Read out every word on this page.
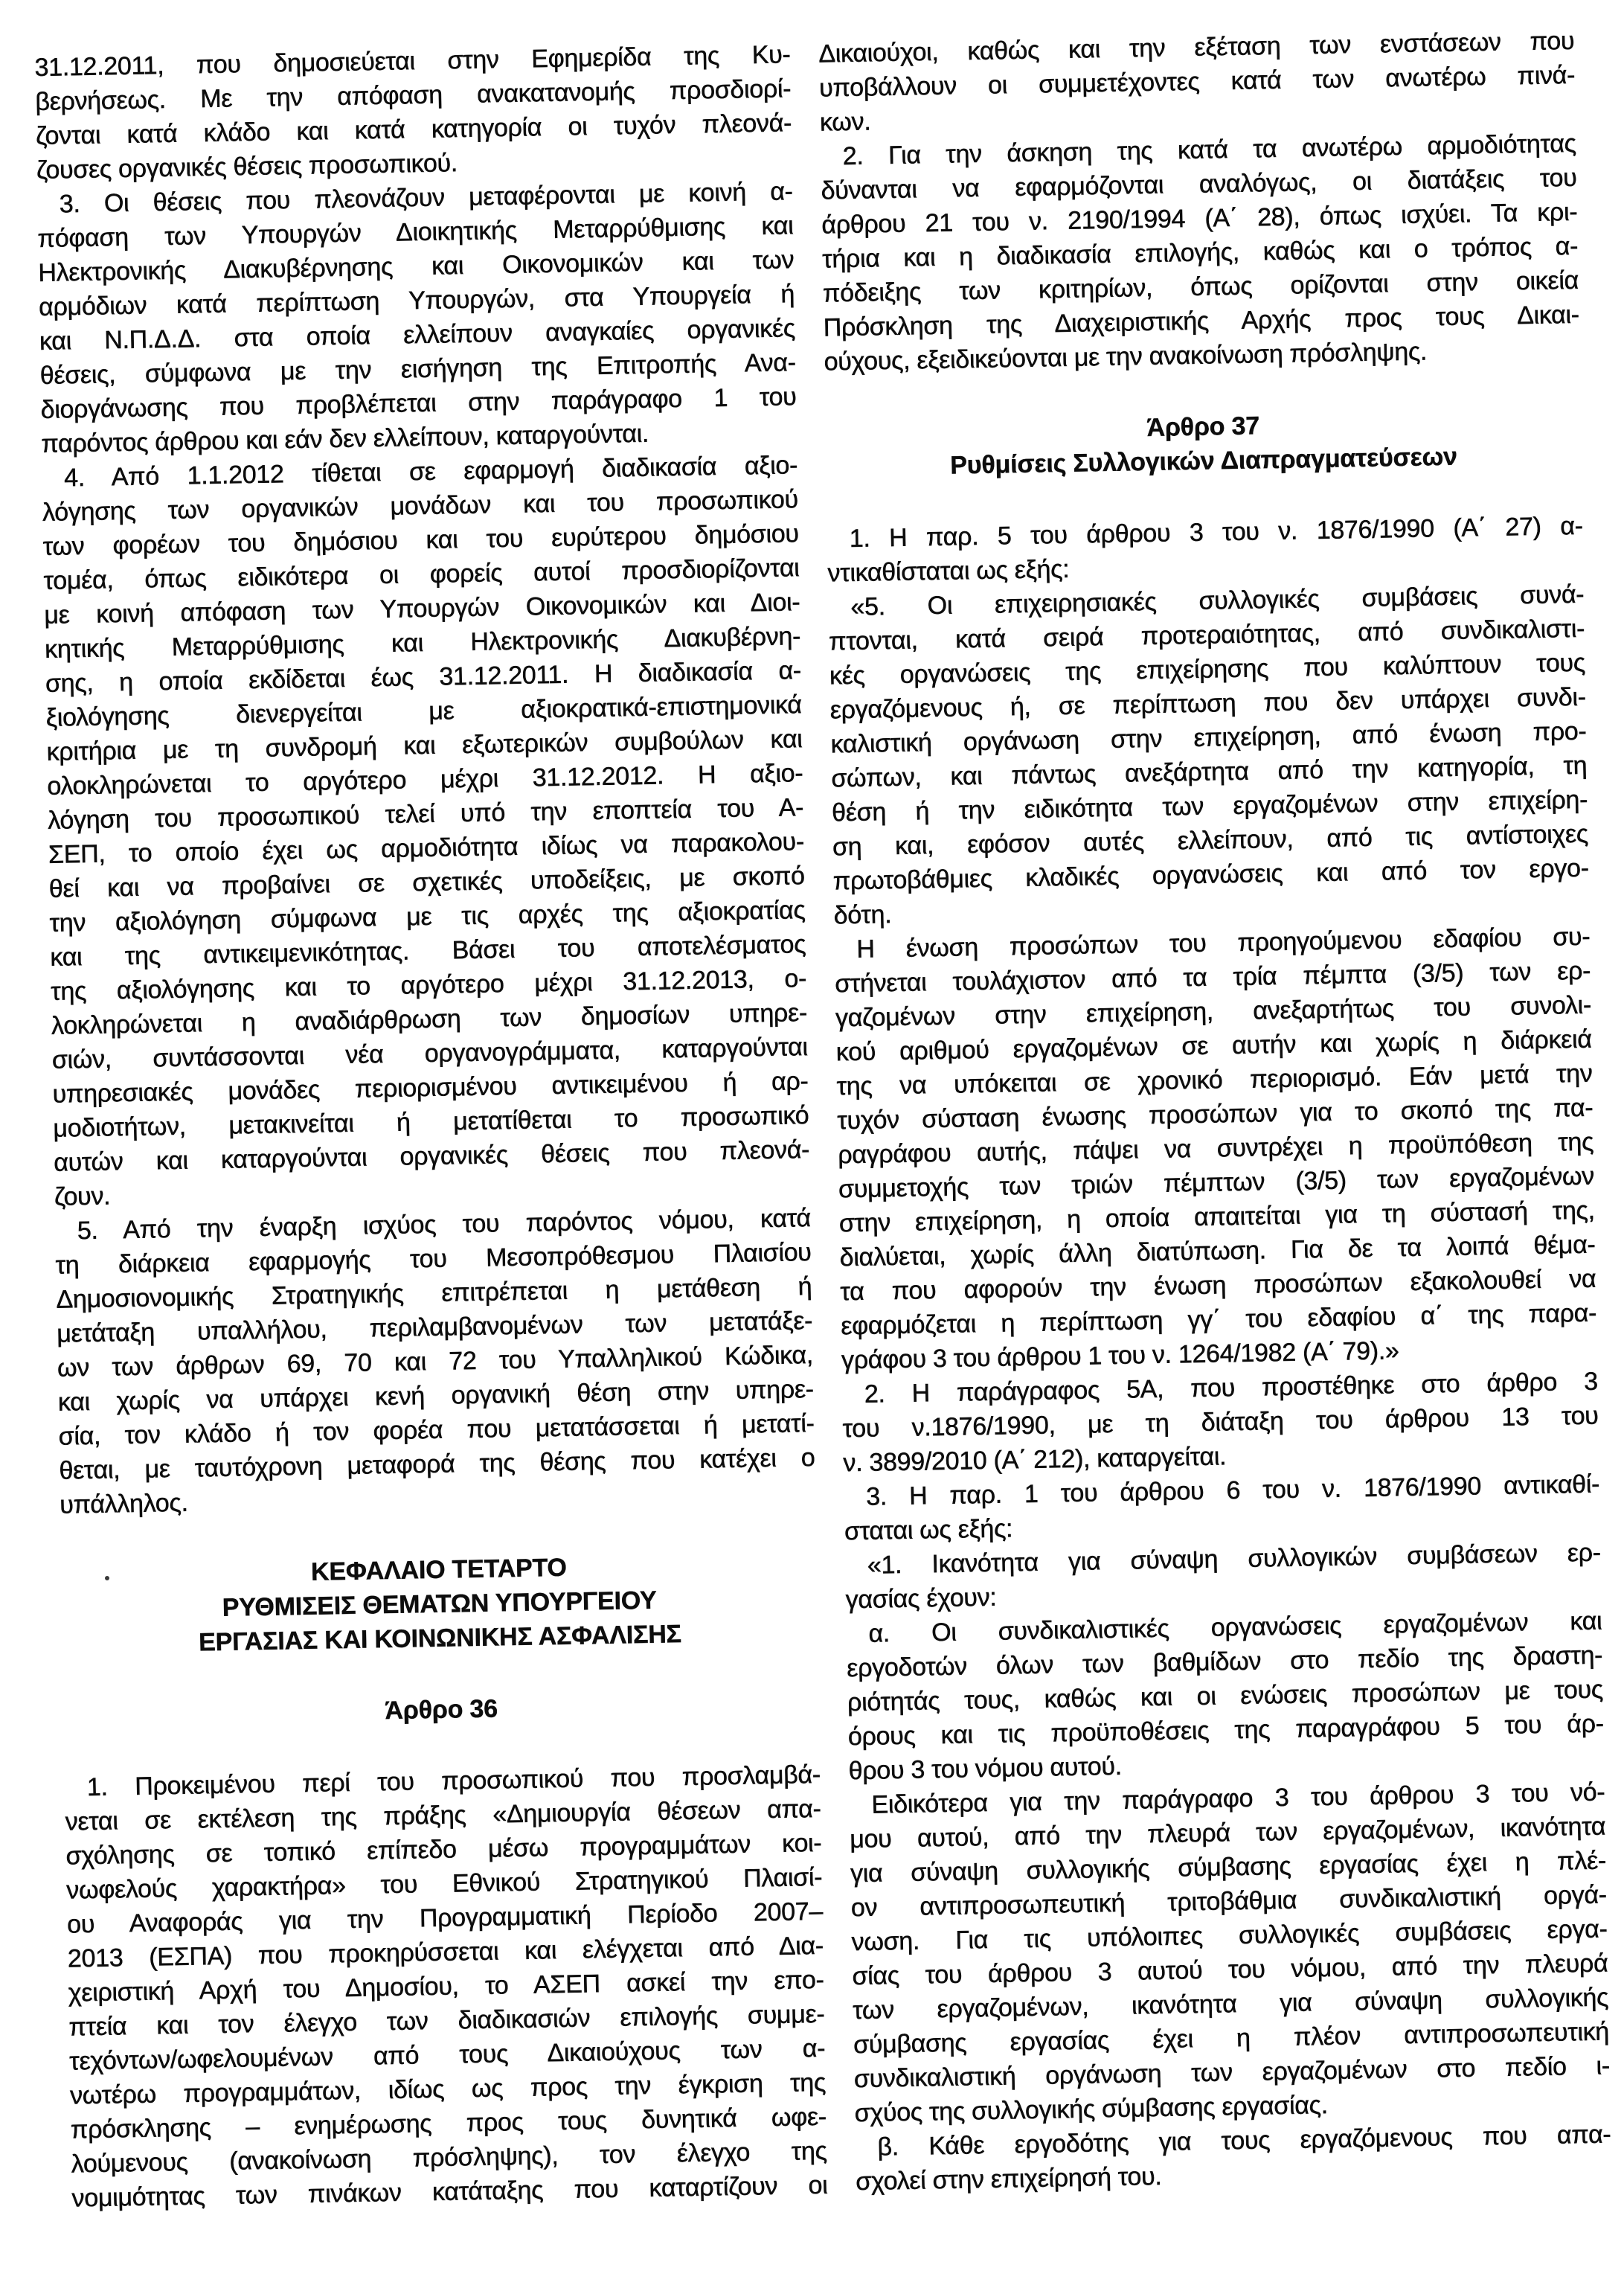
31.12.2011, που δημοσιεύεται στην Εφημερίδα της Κυ-
βερνήσεως. Με την απόφαση ανακατανομής προσδιορί-
ζονται κατά κλάδο και κατά κατηγορία οι τυχόν πλεονά-
ζουσες οργανικές θέσεις προσωπικού.
3. Οι θέσεις που πλεονάζουν μεταφέρονται με κοινή α-
πόφαση των Υπουργών Διοικητικής Μεταρρύθμισης και
Ηλεκτρονικής Διακυβέρνησης και Οικονομικών και των
αρμόδιων κατά περίπτωση Υπουργών, στα Υπουργεία ή
και Ν.Π.Δ.Δ. στα οποία ελλείπουν αναγκαίες οργανικές
θέσεις, σύμφωνα με την εισήγηση της Επιτροπής Ανα-
διοργάνωσης που προβλέπεται στην παράγραφο 1 του
παρόντος άρθρου και εάν δεν ελλείπουν, καταργούνται.
4. Από 1.1.2012 τίθεται σε εφαρμογή διαδικασία αξιο-
λόγησης των οργανικών μονάδων και του προσωπικού
των φορέων του δημόσιου και του ευρύτερου δημόσιου
τομέα, όπως ειδικότερα οι φορείς αυτοί προσδιορίζονται
με κοινή απόφαση των Υπουργών Οικονομικών και Διοι-
κητικής Μεταρρύθμισης και Ηλεκτρονικής Διακυβέρνη-
σης, η οποία εκδίδεται έως 31.12.2011. Η διαδικασία α-
ξιολόγησης διενεργείται με αξιοκρατικά-επιστημονικά
κριτήρια με τη συνδρομή και εξωτερικών συμβούλων και
ολοκληρώνεται το αργότερο μέχρι 31.12.2012. Η αξιο-
λόγηση του προσωπικού τελεί υπό την εποπτεία του Α-
ΣΕΠ, το οποίο έχει ως αρμοδιότητα ιδίως να παρακολου-
θεί και να προβαίνει σε σχετικές υποδείξεις, με σκοπό
την αξιολόγηση σύμφωνα με τις αρχές της αξιοκρατίας
και της αντικειμενικότητας. Βάσει του αποτελέσματος
της αξιολόγησης και το αργότερο μέχρι 31.12.2013, ο-
λοκληρώνεται η αναδιάρθρωση των δημοσίων υπηρε-
σιών, συντάσσονται νέα οργανογράμματα, καταργούνται
υπηρεσιακές μονάδες περιορισμένου αντικειμένου ή αρ-
μοδιοτήτων, μετακινείται ή μετατίθεται το προσωπικό
αυτών και καταργούνται οργανικές θέσεις που πλεονά-
ζουν.
5. Από την έναρξη ισχύος του παρόντος νόμου, κατά
τη διάρκεια εφαρμογής του Μεσοπρόθεσμου Πλαισίου
Δημοσιονομικής Στρατηγικής επιτρέπεται η μετάθεση ή
μετάταξη υπαλλήλου, περιλαμβανομένων των μετατάξε-
ων των άρθρων 69, 70 και 72 του Υπαλληλικού Κώδικα,
και χωρίς να υπάρχει κενή οργανική θέση στην υπηρε-
σία, τον κλάδο ή τον φορέα που μετατάσσεται ή μετατί-
θεται, με ταυτόχρονη μεταφορά της θέσης που κατέχει ο
υπάλληλος.
ΚΕΦΑΛΑΙΟ ΤΕΤΑΡΤΟ
ΡΥΘΜΙΣΕΙΣ ΘΕΜΑΤΩΝ ΥΠΟΥΡΓΕΙΟΥ
ΕΡΓΑΣΙΑΣ ΚΑΙ ΚΟΙΝΩΝΙΚΗΣ ΑΣΦΑΛΙΣΗΣ
Άρθρο 36
1. Προκειμένου περί του προσωπικού που προσλαμβά-
νεται σε εκτέλεση της πράξης «Δημιουργία θέσεων απα-
σχόλησης σε τοπικό επίπεδο μέσω προγραμμάτων κοι-
νωφελούς χαρακτήρα» του Εθνικού Στρατηγικού Πλαισί-
ου Αναφοράς για την Προγραμματική Περίοδο 2007–
2013 (ΕΣΠΑ) που προκηρύσσεται και ελέγχεται από Δια-
χειριστική Αρχή του Δημοσίου, το ΑΣΕΠ ασκεί την επο-
πτεία και τον έλεγχο των διαδικασιών επιλογής συμμε-
τεχόντων/ωφελουμένων από τους Δικαιούχους των α-
νωτέρω προγραμμάτων, ιδίως ως προς την έγκριση της
πρόσκλησης – ενημέρωσης προς τους δυνητικά ωφε-
λούμενους (ανακοίνωση πρόσληψης), τον έλεγχο της
νομιμότητας των πινάκων κατάταξης που καταρτίζουν οι
Δικαιούχοι, καθώς και την εξέταση των ενστάσεων που
υποβάλλουν οι συμμετέχοντες κατά των ανωτέρω πινά-
κων.
2. Για την άσκηση της κατά τα ανωτέρω αρμοδιότητας
δύνανται να εφαρμόζονται αναλόγως, οι διατάξεις του
άρθρου 21 του ν. 2190/1994 (Α΄ 28), όπως ισχύει. Τα κρι-
τήρια και η διαδικασία επιλογής, καθώς και ο τρόπος α-
πόδειξης των κριτηρίων, όπως ορίζονται στην οικεία
Πρόσκληση της Διαχειριστικής Αρχής προς τους Δικαι-
ούχους, εξειδικεύονται με την ανακοίνωση πρόσληψης.
Άρθρο 37
Ρυθμίσεις Συλλογικών Διαπραγματεύσεων
1. Η παρ. 5 του άρθρου 3 του ν. 1876/1990 (Α΄ 27) α-
ντικαθίσταται ως εξής:
«5. Οι επιχειρησιακές συλλογικές συμβάσεις συνά-
πτονται, κατά σειρά προτεραιότητας, από συνδικαλιστι-
κές οργανώσεις της επιχείρησης που καλύπτουν τους
εργαζόμενους ή, σε περίπτωση που δεν υπάρχει συνδι-
καλιστική οργάνωση στην επιχείρηση, από ένωση προ-
σώπων, και πάντως ανεξάρτητα από την κατηγορία, τη
θέση ή την ειδικότητα των εργαζομένων στην επιχείρη-
ση και, εφόσον αυτές ελλείπουν, από τις αντίστοιχες
πρωτοβάθμιες κλαδικές οργανώσεις και από τον εργο-
δότη.
Η ένωση προσώπων του προηγούμενου εδαφίου συ-
στήνεται τουλάχιστον από τα τρία πέμπτα (3/5) των ερ-
γαζομένων στην επιχείρηση, ανεξαρτήτως του συνολι-
κού αριθμού εργαζομένων σε αυτήν και χωρίς η διάρκειά
της να υπόκειται σε χρονικό περιορισμό. Εάν μετά την
τυχόν σύσταση ένωσης προσώπων για το σκοπό της πα-
ραγράφου αυτής, πάψει να συντρέχει η προϋπόθεση της
συμμετοχής των τριών πέμπτων (3/5) των εργαζομένων
στην επιχείρηση, η οποία απαιτείται για τη σύστασή της,
διαλύεται, χωρίς άλλη διατύπωση. Για δε τα λοιπά θέμα-
τα που αφορούν την ένωση προσώπων εξακολουθεί να
εφαρμόζεται η περίπτωση γγ΄ του εδαφίου α΄ της παρα-
γράφου 3 του άρθρου 1 του ν. 1264/1982 (Α΄ 79).»
2. Η παράγραφος 5Α, που προστέθηκε στο άρθρο 3
του ν.1876/1990, με τη διάταξη του άρθρου 13 του
ν. 3899/2010 (Α΄ 212), καταργείται.
3. Η παρ. 1 του άρθρου 6 του ν. 1876/1990 αντικαθί-
σταται ως εξής:
«1. Ικανότητα για σύναψη συλλογικών συμβάσεων ερ-
γασίας έχουν:
α. Οι συνδικαλιστικές οργανώσεις εργαζομένων και
εργοδοτών όλων των βαθμίδων στο πεδίο της δραστη-
ριότητάς τους, καθώς και οι ενώσεις προσώπων με τους
όρους και τις προϋποθέσεις της παραγράφου 5 του άρ-
θρου 3 του νόμου αυτού.
Ειδικότερα για την παράγραφο 3 του άρθρου 3 του νό-
μου αυτού, από την πλευρά των εργαζομένων, ικανότητα
για σύναψη συλλογικής σύμβασης εργασίας έχει η πλέ-
ον αντιπροσωπευτική τριτοβάθμια συνδικαλιστική οργά-
νωση. Για τις υπόλοιπες συλλογικές συμβάσεις εργα-
σίας του άρθρου 3 αυτού του νόμου, από την πλευρά
των εργαζομένων, ικανότητα για σύναψη συλλογικής
σύμβασης εργασίας έχει η πλέον αντιπροσωπευτική
συνδικαλιστική οργάνωση των εργαζομένων στο πεδίο ι-
σχύος της συλλογικής σύμβασης εργασίας.
β. Κάθε εργοδότης για τους εργαζόμενους που απα-
σχολεί στην επιχείρησή του.
